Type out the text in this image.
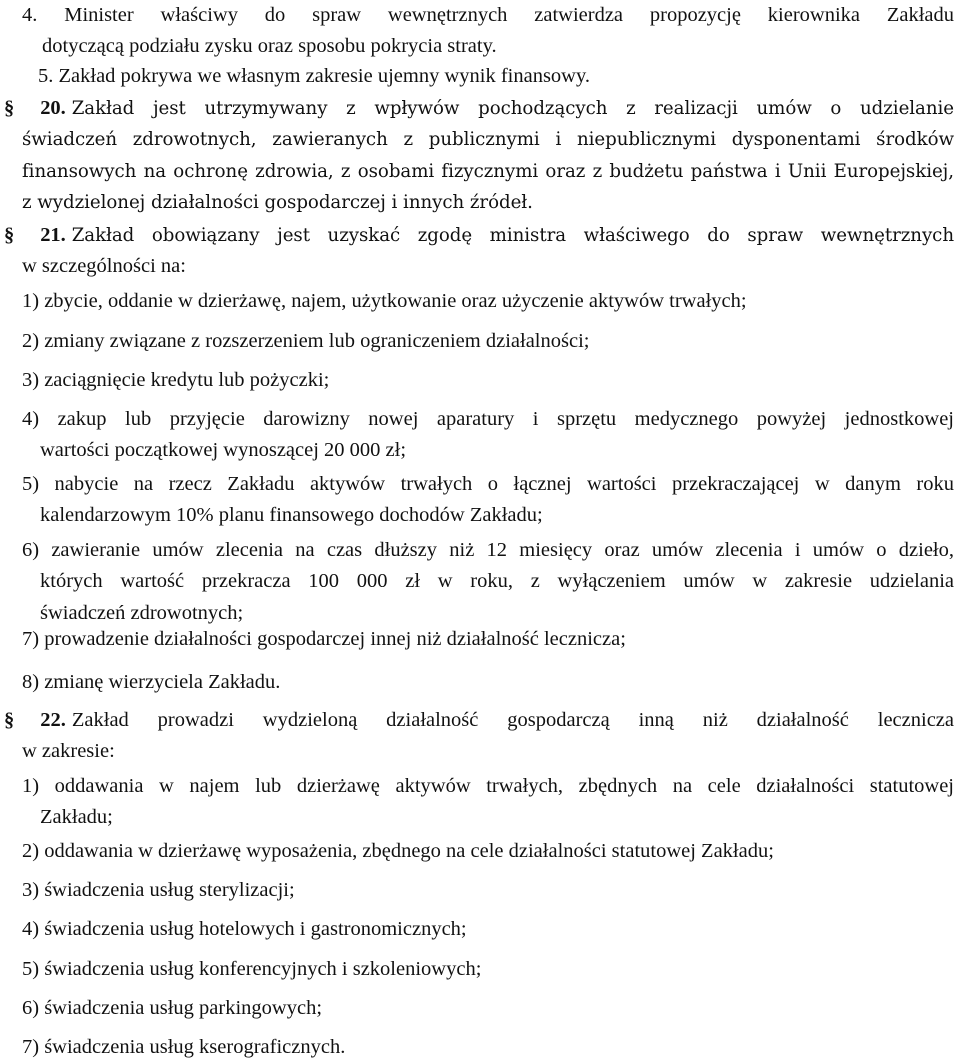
4. Minister właściwy do spraw wewnętrznych zatwierdza propozycję kierownika Zakładu
dotyczącą podziału zysku oraz sposobu pokrycia straty.
5. Zakład pokrywa we własnym zakresie ujemny wynik finansowy.
§ 20. Zakład jest utrzymywany z wpływów pochodzących z realizacji umów o udzielanie
świadczeń zdrowotnych, zawieranych z publicznymi i niepublicznymi dysponentami środków
finansowych na ochronę zdrowia, z osobami fizycznymi oraz z budżetu państwa i Unii Europejskiej,
z wydzielonej działalności gospodarczej i innych źródeł.
§ 21. Zakład obowiązany jest uzyskać zgodę ministra właściwego do spraw wewnętrznych
w szczególności na:
1) zbycie, oddanie w dzierżawę, najem, użytkowanie oraz użyczenie aktywów trwałych;
2) zmiany związane z rozszerzeniem lub ograniczeniem działalności;
3) zaciągnięcie kredytu lub pożyczki;
4) zakup lub przyjęcie darowizny nowej aparatury i sprzętu medycznego powyżej jednostkowej
wartości początkowej wynoszącej 20 000 zł;
5) nabycie na rzecz Zakładu aktywów trwałych o łącznej wartości przekraczającej w danym roku
kalendarzowym 10% planu finansowego dochodów Zakładu;
6) zawieranie umów zlecenia na czas dłuższy niż 12 miesięcy oraz umów zlecenia i umów o dzieło,
których wartość przekracza 100 000 zł w roku, z wyłączeniem umów w zakresie udzielania
świadczeń zdrowotnych;
7) prowadzenie działalności gospodarczej innej niż działalność lecznicza;
8) zmianę wierzyciela Zakładu.
§ 22. Zakład prowadzi wydzieloną działalność gospodarczą inną niż działalność lecznicza
w zakresie:
1) oddawania w najem lub dzierżawę aktywów trwałych, zbędnych na cele działalności statutowej
Zakładu;
2) oddawania w dzierżawę wyposażenia, zbędnego na cele działalności statutowej Zakładu;
3) świadczenia usług sterylizacji;
4) świadczenia usług hotelowych i gastronomicznych;
5) świadczenia usług konferencyjnych i szkoleniowych;
6) świadczenia usług parkingowych;
7) świadczenia usług kserograficznych.
